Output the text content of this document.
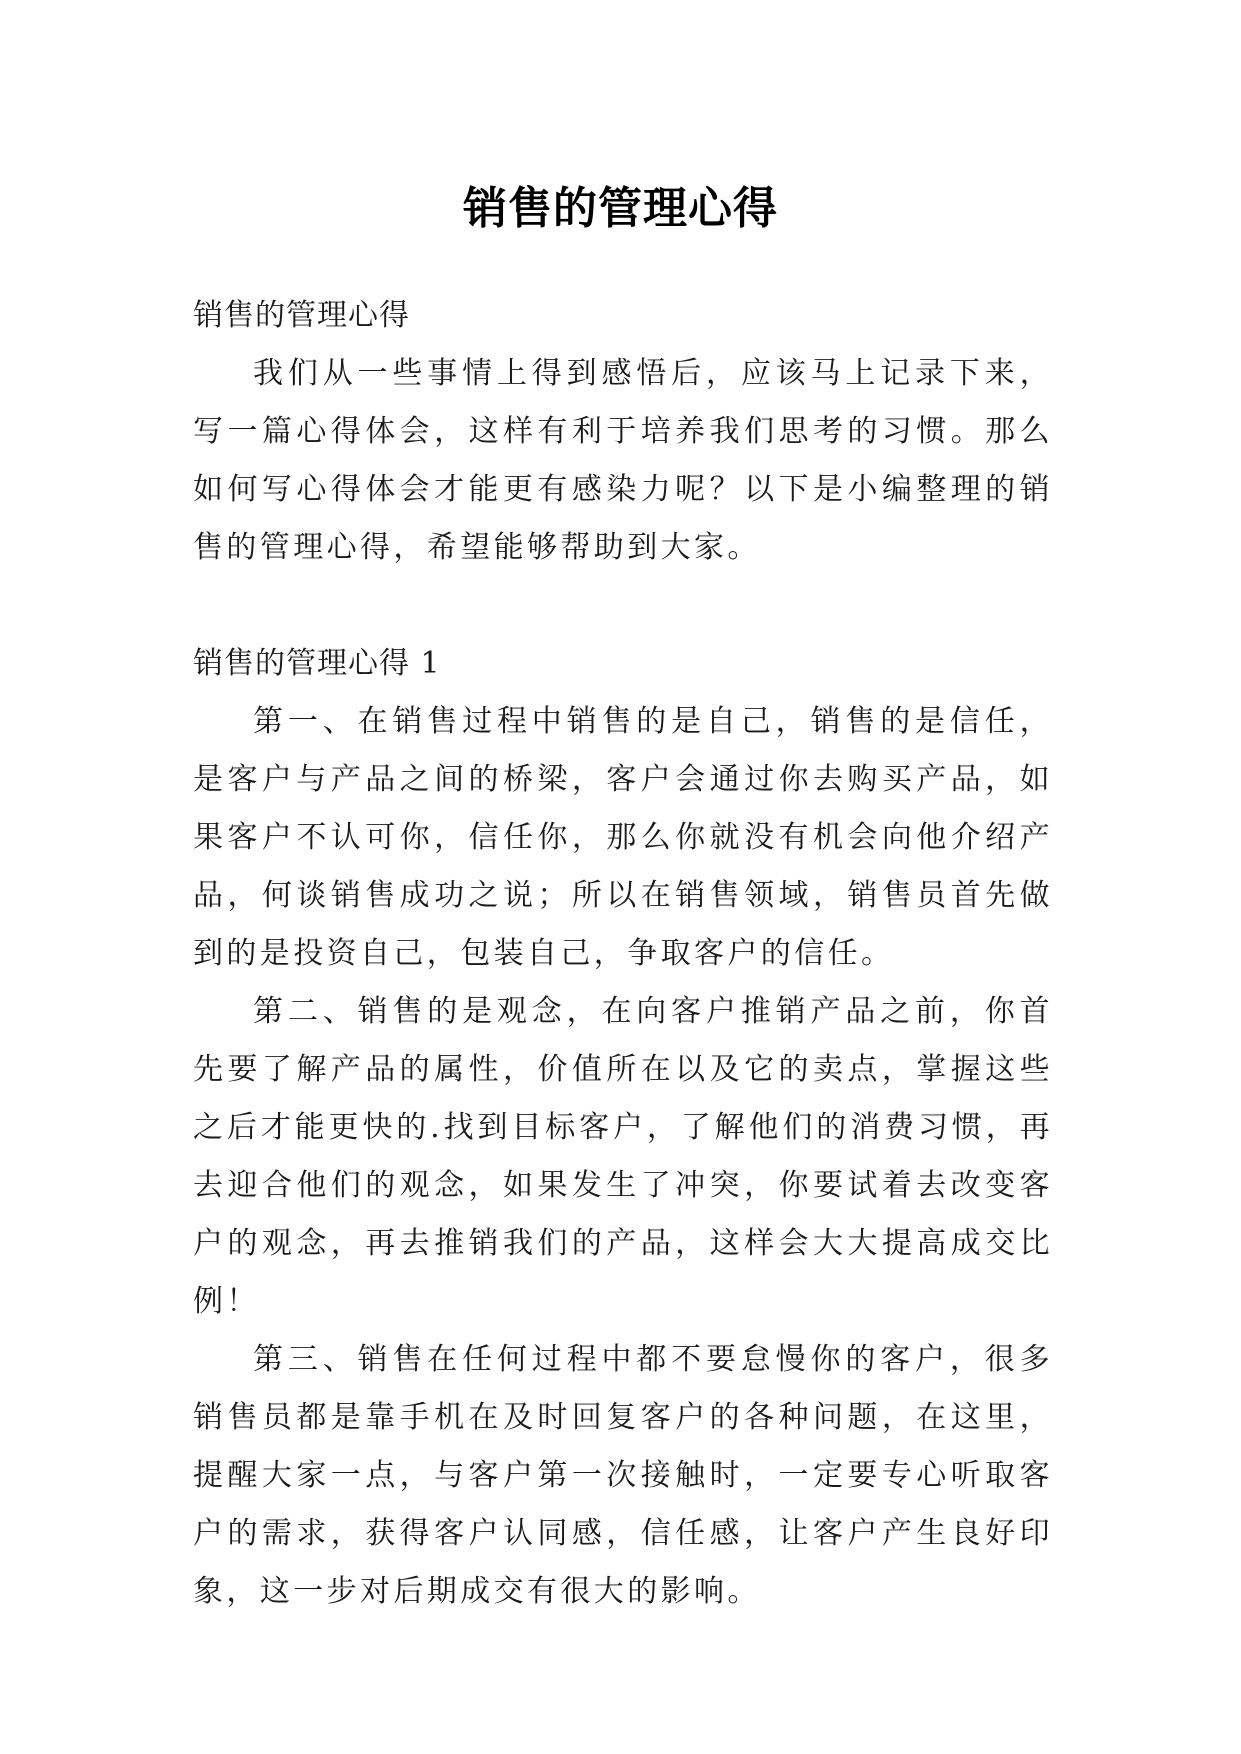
销售的管理心得

销售的管理心得

我们从一些事情上得到感悟后，应该马上记录下来，写一篇心得体会，这样有利于培养我们思考的习惯。那么如何写心得体会才能更有感染力呢？以下是小编整理的销售的管理心得，希望能够帮助到大家。

销售的管理心得 1

第一、在销售过程中销售的是自己，销售的是信任，是客户与产品之间的桥梁，客户会通过你去购买产品，如果客户不认可你，信任你，那么你就没有机会向他介绍产品，何谈销售成功之说；所以在销售领域，销售员首先做到的是投资自己，包装自己，争取客户的信任。

第二、销售的是观念，在向客户推销产品之前，你首先要了解产品的属性，价值所在以及它的卖点，掌握这些之后才能更快的.找到目标客户，了解他们的消费习惯，再去迎合他们的观念，如果发生了冲突，你要试着去改变客户的观念，再去推销我们的产品，这样会大大提高成交比例！

第三、销售在任何过程中都不要怠慢你的客户，很多销售员都是靠手机在及时回复客户的各种问题，在这里，提醒大家一点，与客户第一次接触时，一定要专心听取客户的需求，获得客户认同感，信任感，让客户产生良好印象，这一步对后期成交有很大的影响。
